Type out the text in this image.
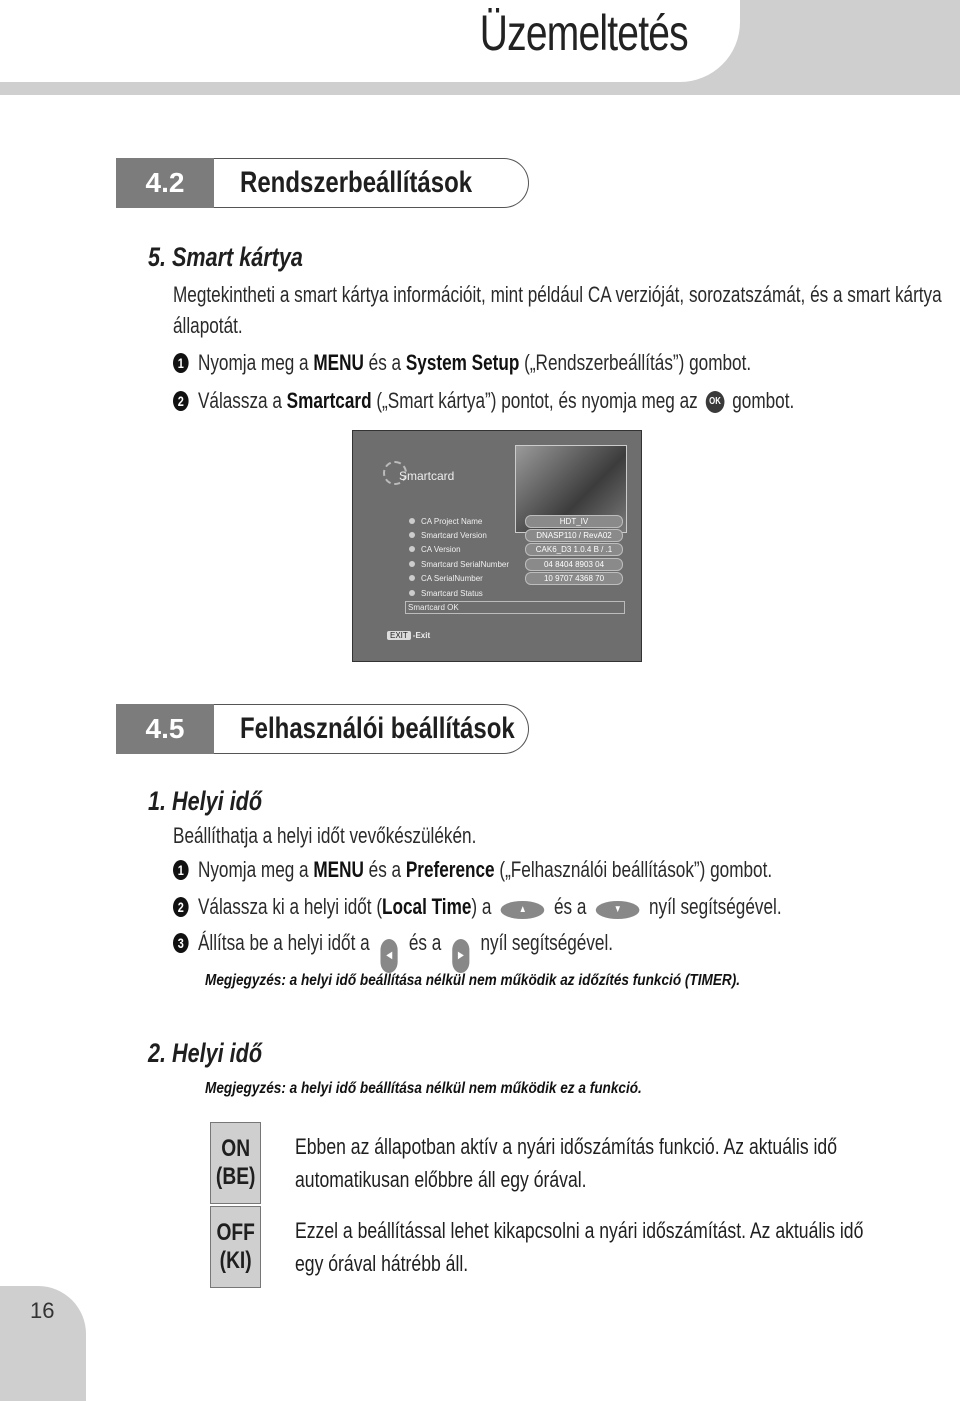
Üzemeltetés
4.2	Rendszerbeállítások
5. Smart kártya
Megtekintheti a smart kártya információit, mint például CA verzióját, sorozatszámát, és a smart kártya
állapotát.
1 Nyomja meg a MENU és a System Setup („Rendszerbeállítás”) gombot.
2 Válassza a Smartcard („Smart kártya”) pontot, és nyomja meg az OK gombot.
Smartcard
CA Project Name	HDT_IV
Smartcard Version	DNASP110 / RevA02
CA Version	CAK6_D3 1.0.4 B / .1
Smartcard SerialNumber	04 8404 8903 04
CA SerialNumber	10 9707 4368 70
Smartcard Status
Smartcard OK
EXIT -Exit
4.5	Felhasználói beállítások
1. Helyi idő
Beállíthatja a helyi időt vevőkészülékén.
1 Nyomja meg a MENU és a Preference („Felhasználói beállítások”) gombot.
2 Válassza ki a helyi időt (Local Time) a ▲ és a ▼ nyíl segítségével.
3 Állítsa be a helyi időt a ◀ és a ▶ nyíl segítségével.
Megjegyzés: a helyi idő beállítása nélkül nem működik az időzítés funkció (TIMER).
2. Helyi idő
Megjegyzés: a helyi idő beállítása nélkül nem működik ez a funkció.
ON (BE)	Ebben az állapotban aktív a nyári időszámítás funkció. Az aktuális idő
automatikusan előbbre áll egy órával.

OFF (KI)	Ezzel a beállítással lehet kikapcsolni a nyári időszámítást. Az aktuális idő
egy órával hátrébb áll.
16
